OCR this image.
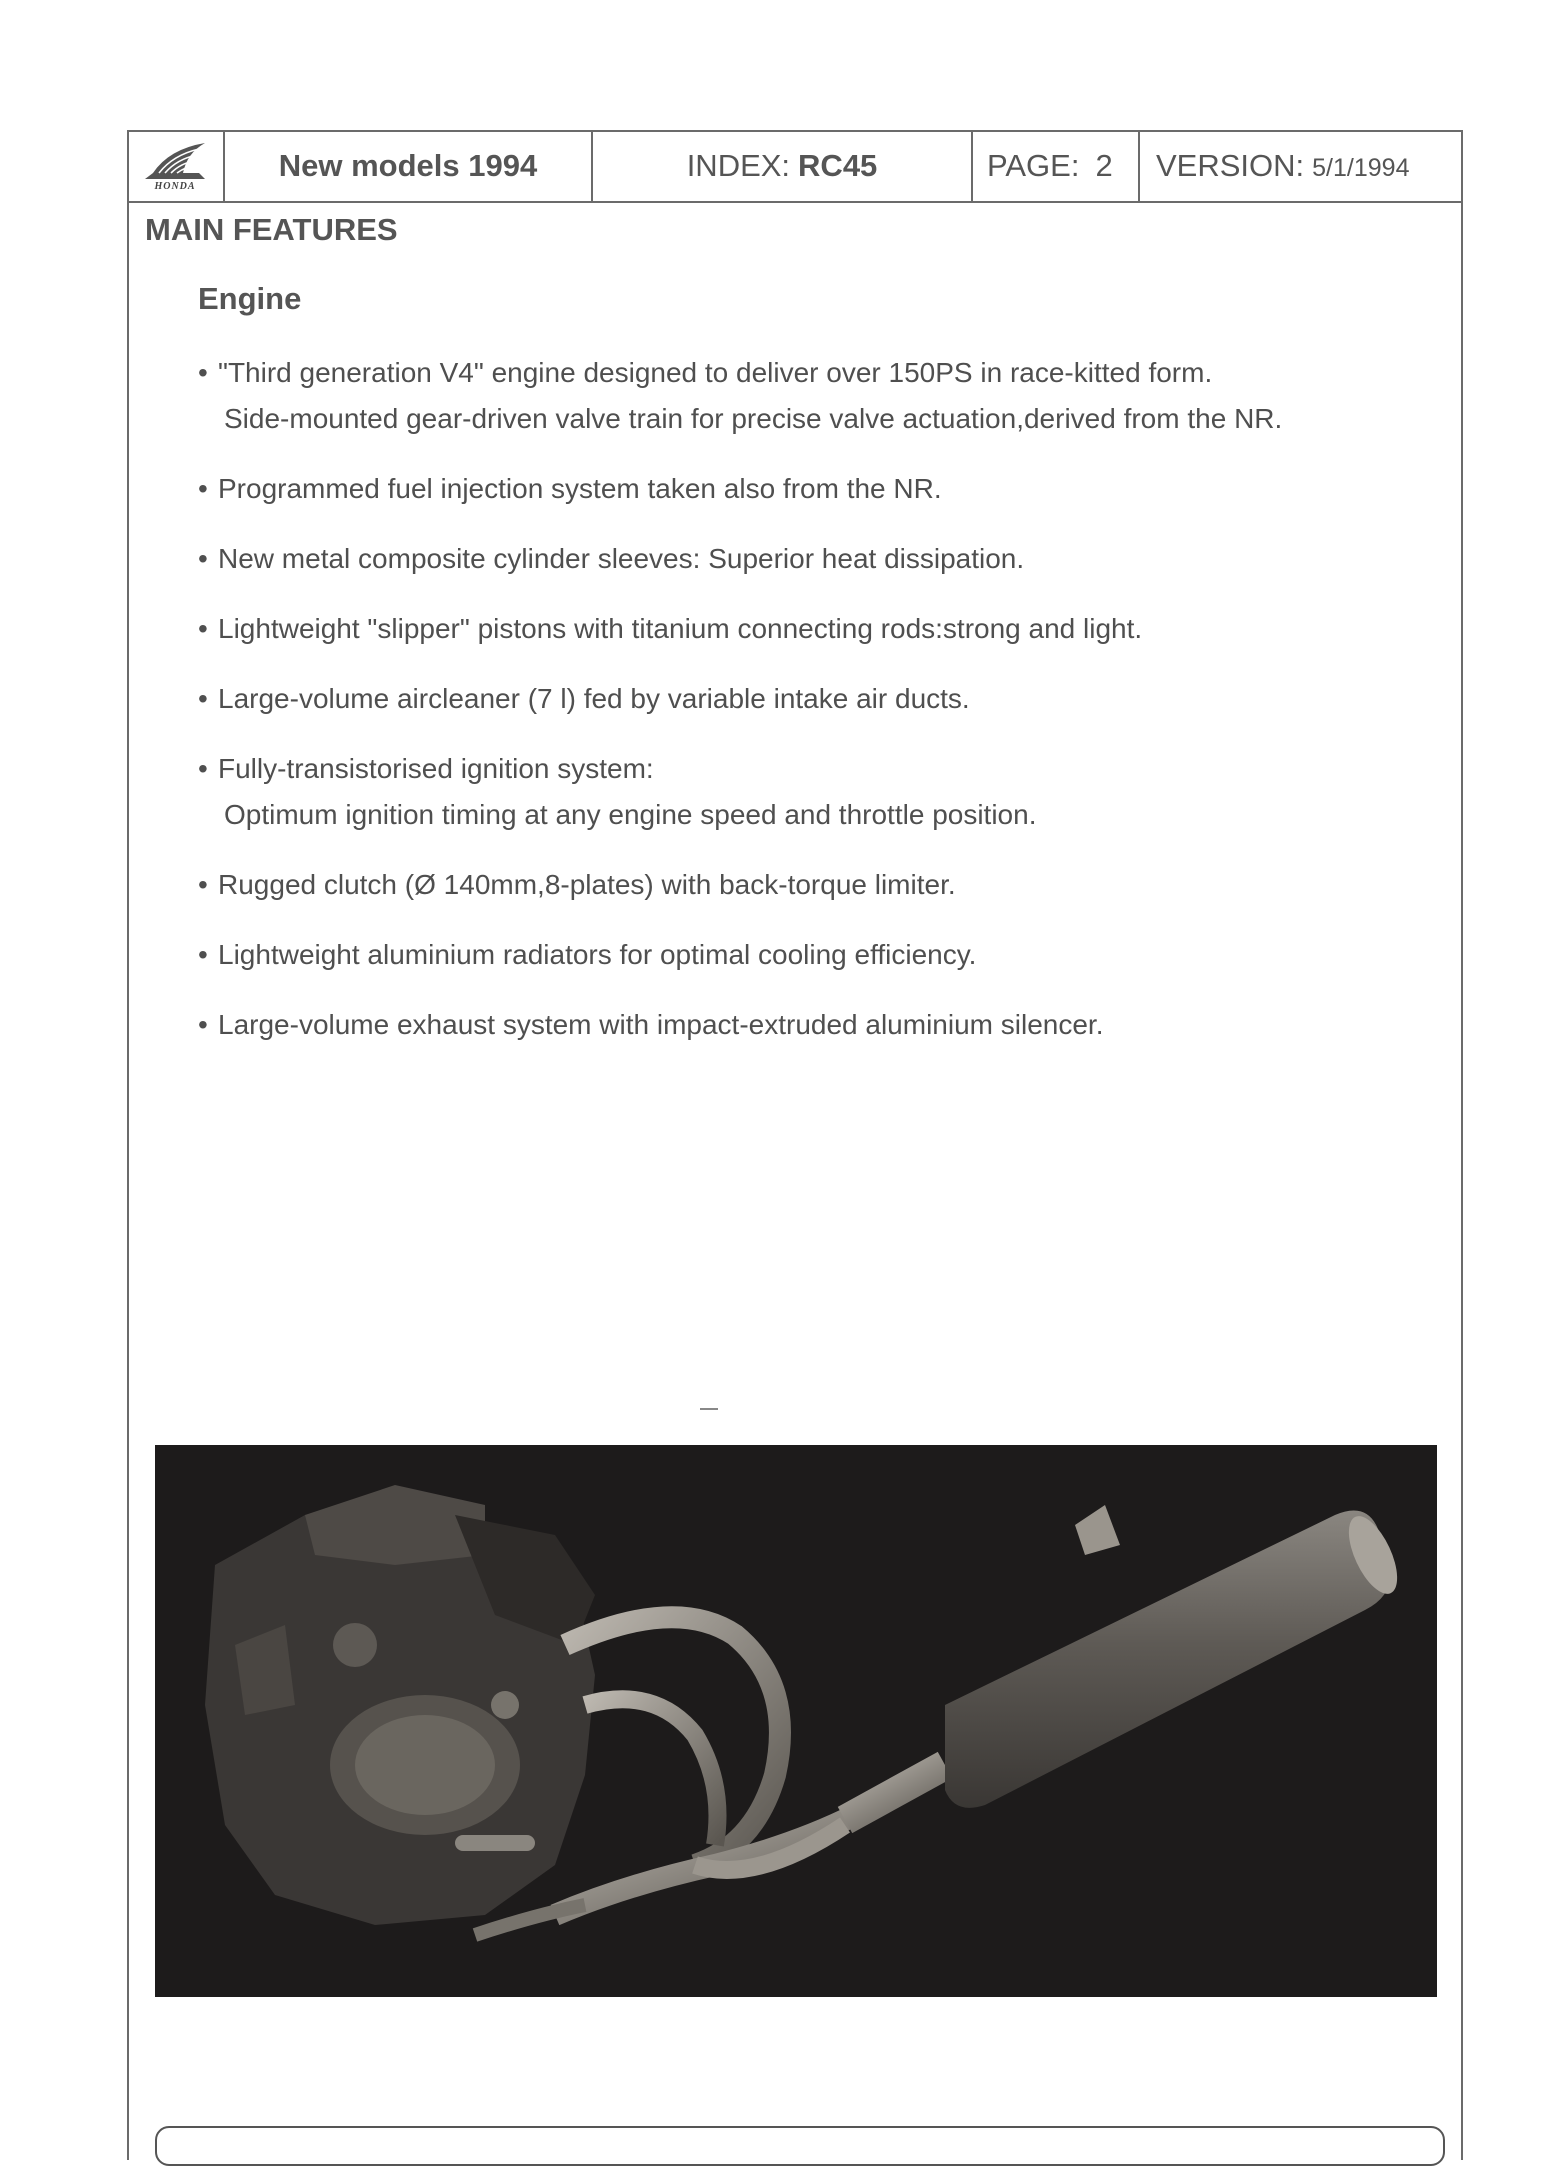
HONDA
New models 1994	INDEX: RC45	PAGE: 2 VERSION: 5/1/1994
MAIN FEATURES
Engine
• "Third generation V4" engine designed to deliver over 150PS in race-kitted form.
Side-mounted gear-driven valve train for precise valve actuation,derived from the NR.
• Programmed fuel injection system taken also from the NR.
• New metal composite cylinder sleeves: Superior heat dissipation.
• Lightweight "slipper" pistons with titanium connecting rods:strong and light.
• Large-volume aircleaner (7 l) fed by variable intake air ducts.
• Fully-transistorised ignition system:
Optimum ignition timing at any engine speed and throttle position.
• Rugged clutch (Ø 140mm,8-plates) with back-torque limiter.
• Lightweight aluminium radiators for optimal cooling efficiency.
• Large-volume exhaust system with impact-extruded aluminium silencer.
